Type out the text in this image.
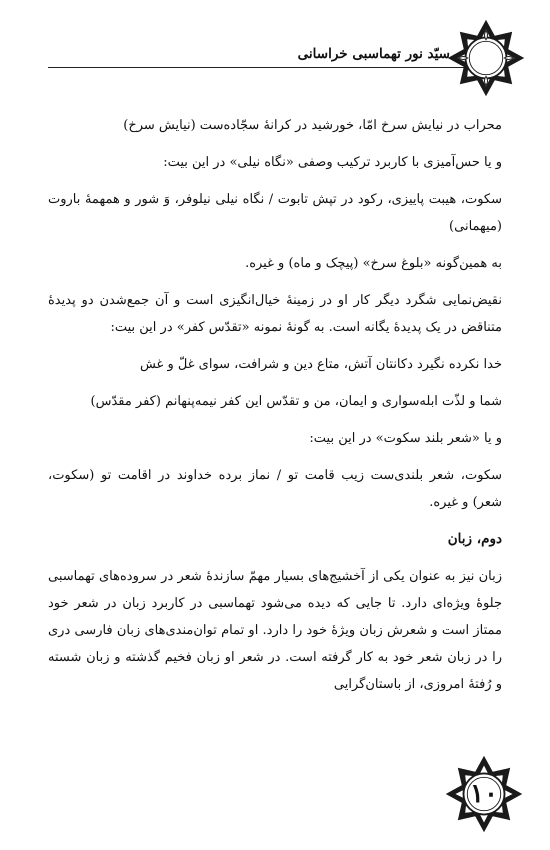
سیّد نور تهماسبی خراسانی

محراب در نیایش سرخ امّا، خورشید در کرانهٔ سجّاده‌ست (نیایش سرخ)

و یا حس‌آمیزی با کاربرد ترکیب وصفی «نگاه نیلی» در این بیت:

سکوت، هیبت پاییزی، رکود در تپش تابوت / نگاه نیلی نیلوفر، وَ شور و همهمهٔ باروت (میهمانی)

به همین‌گونه «بلوغ سرخ» (پیچک و ماه) و غیره.

نقیض‌نمایی شگرد دیگر کار او در زمینهٔ خیال‌انگیزی است و آن جمع‌شدن دو پدیدهٔ متناقض در یک پدیدهٔ یگانه است. به گونهٔ نمونه «تقدّس کفر» در این بیت:

خدا نکرده نگیرد دکانتان آتش، متاع دین و شرافت، سوای غلّ و غش

شما و لذّت ابله‌سواری و ایمان، من و تقدّس این کفر نیمه‌پنهانم (کفر مقدّس)

و یا «شعر بلند سکوت» در این بیت:

سکوت، شعر بلندی‌ست زیب قامت تو / نماز برده خداوند در اقامت تو (سکوت، شعر) و غیره.

دوم، زبان

زبان نیز به عنوان یکی از آخشیج‌های بسیار مهمّ سازندهٔ شعر در سروده‌های تهماسبی جلوهٔ ویژه‌ای دارد. تا جایی که دیده می‌شود تهماسبی در کاربرد زبان در شعر خود ممتاز است و شعرش زبان ویژهٔ خود را دارد. او تمام توان‌مندی‌های زبان فارسی دری را در زبان شعر خود به کار گرفته است. در شعر او زبان فخیم گذشته و زبان شسته و رُفتهٔ امروزی، از باستان‌گرایی

۱۰
